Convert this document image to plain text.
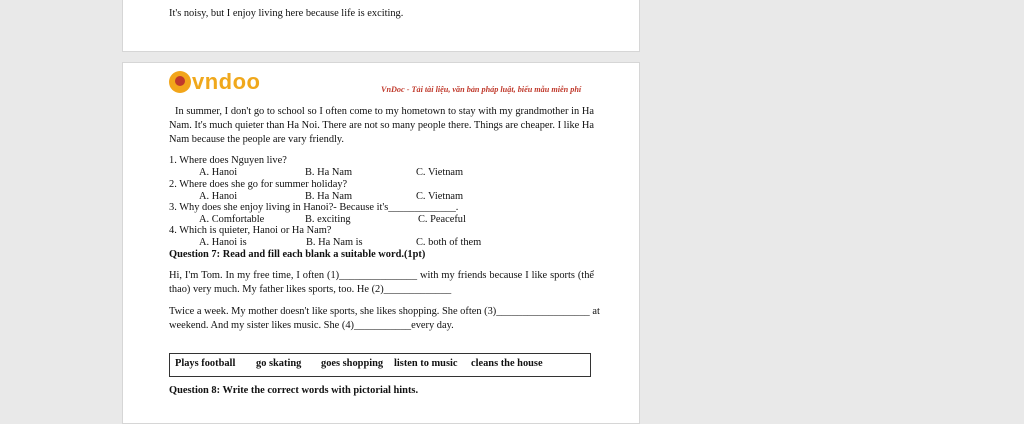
It's noisy, but I enjoy living here because life is exciting.
vndoo	VnDoc - Tải tài liệu, văn bản pháp luật, biểu mẫu miễn phí
In summer, I don't go to school so I often come to my hometown to stay with my grandmother in Ha
Nam. It's much quieter than Ha Noi. There are not so many people there. Things are cheaper. I like Ha
Nam because the people are vary friendly.
1. Where does Nguyen live?
A. Hanoi	B. Ha Nam	C. Vietnam
2. Where does she go for summer holiday?
A. Hanoi	B. Ha Nam	C. Vietnam
3. Why does she enjoy living in Hanoi?- Because it's_____________.
A. Comfortable	B. exciting	C. Peaceful
4. Which is quieter, Hanoi or Ha Nam?
A. Hanoi is	B. Ha Nam is	C. both of them
Question 7: Read and fill each blank a suitable word.(1pt)
Hi, I'm Tom. In my free time, I often (1)_______________ with my friends because I like sports (thể
thao) very much. My father likes sports, too. He (2)_____________
Twice a week. My mother doesn't like sports, she likes shopping. She often (3)__________________ at
weekend. And my sister likes music. She (4)___________every day.
Plays football go skating goes shopping listen to music cleans the house
Question 8: Write the correct words with pictorial hints.
